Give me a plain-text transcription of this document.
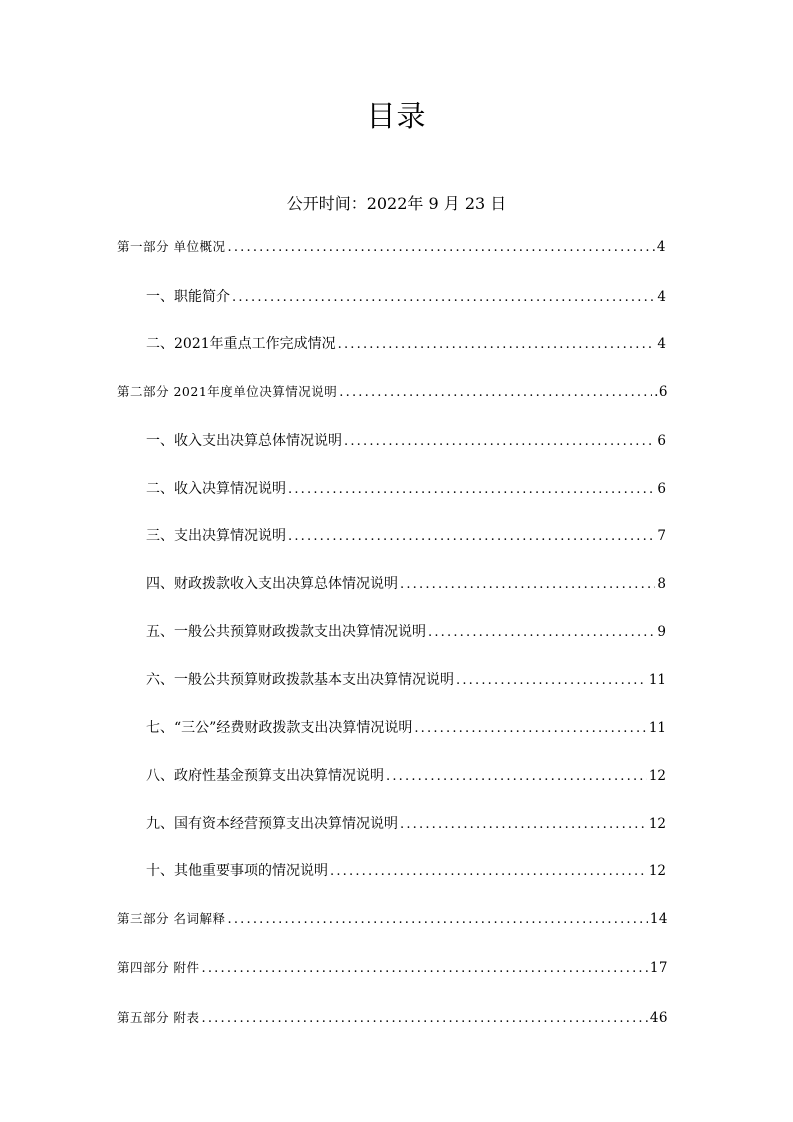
目录
公开时间：2022年 9 月 23 日
第一部分 单位概况 .....	4
一、职能简介 .....	4
二、2021年重点工作完成情况 .....	4
第二部分 2021年度单位决算情况说明 .....	.6
一、收入支出决算总体情况说明 .....	6
二、收入决算情况说明 .....	6
三、支出决算情况说明 .....	7
四、财政拨款收入支出决算总体情况说明 .....	8
五、一般公共预算财政拨款支出决算情况说明 .....	9
六、一般公共预算财政拨款基本支出决算情况说明 .....	11
七、“三公”经费财政拨款支出决算情况说明 .....	11
八、政府性基金预算支出决算情况说明 .....	12
九、国有资本经营预算支出决算情况说明 .....	12
十、其他重要事项的情况说明 .....	12
第三部分 名词解释 .....	14
第四部分 附件 .....	17
第五部分 附表 .....	46
